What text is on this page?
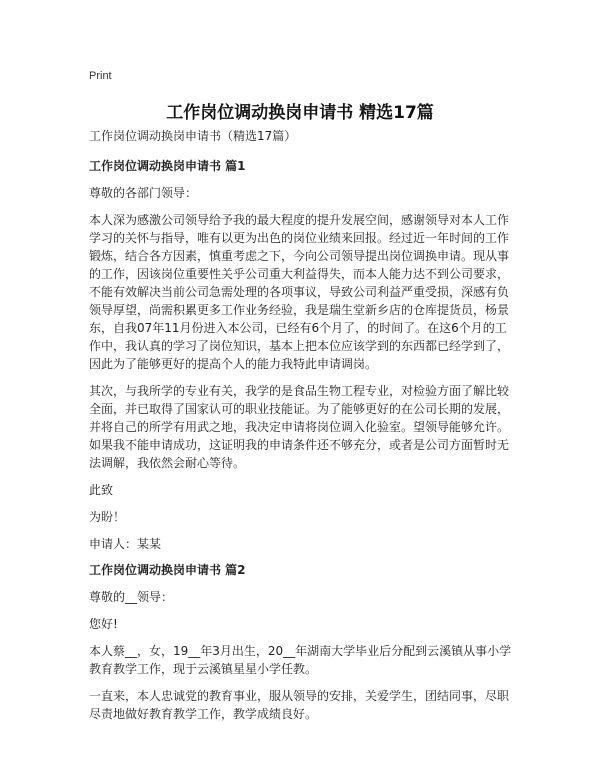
Print
工作岗位调动换岗申请书 精选17篇

工作岗位调动换岗申请书（精选17篇）

工作岗位调动换岗申请书 篇1

尊敬的各部门领导：

本人深为感激公司领导给予我的最大程度的提升发展空间，感谢领导对本人工作学习的关怀与指导，唯有以更为出色的岗位业绩来回报。经过近一年时间的工作锻炼，结合各方因素，慎重考虑之下，今向公司领导提出岗位调换申请。现从事的工作，因该岗位重要性关乎公司重大利益得失，而本人能力达不到公司要求，不能有效解决当前公司急需处理的各项事议，导致公司利益严重受损，深感有负领导厚望，尚需积累更多工作业务经验，我是瑞生堂新乡店的仓库提货员，杨景东，自我07年11月份进入本公司，已经有6个月了，的时间了。在这6个月的工作中，我认真的学习了岗位知识，基本上把本位应该学到的东西都已经学到了，因此为了能够更好的提高个人的能力我特此申请调岗。

其次，与我所学的专业有关，我学的是食品生物工程专业，对检验方面了解比较全面，并已取得了国家认可的职业技能证。为了能够更好的在公司长期的发展，并将自己的所学有用武之地，我决定申请将岗位调入化验室。望领导能够允许。如果我不能申请成功，这证明我的申请条件还不够充分，或者是公司方面暂时无法调解，我依然会耐心等待。

此致

为盼！

申请人：某某

工作岗位调动换岗申请书 篇2

尊敬的__领导：

您好!

本人蔡__，女，19__年3月出生，20__年湖南大学毕业后分配到云溪镇从事小学教育教学工作，现于云溪镇星星小学任教。

一直来，本人忠诚党的教育事业，服从领导的安排，关爱学生，团结同事，尽职尽责地做好教育教学工作，教学成绩良好。
